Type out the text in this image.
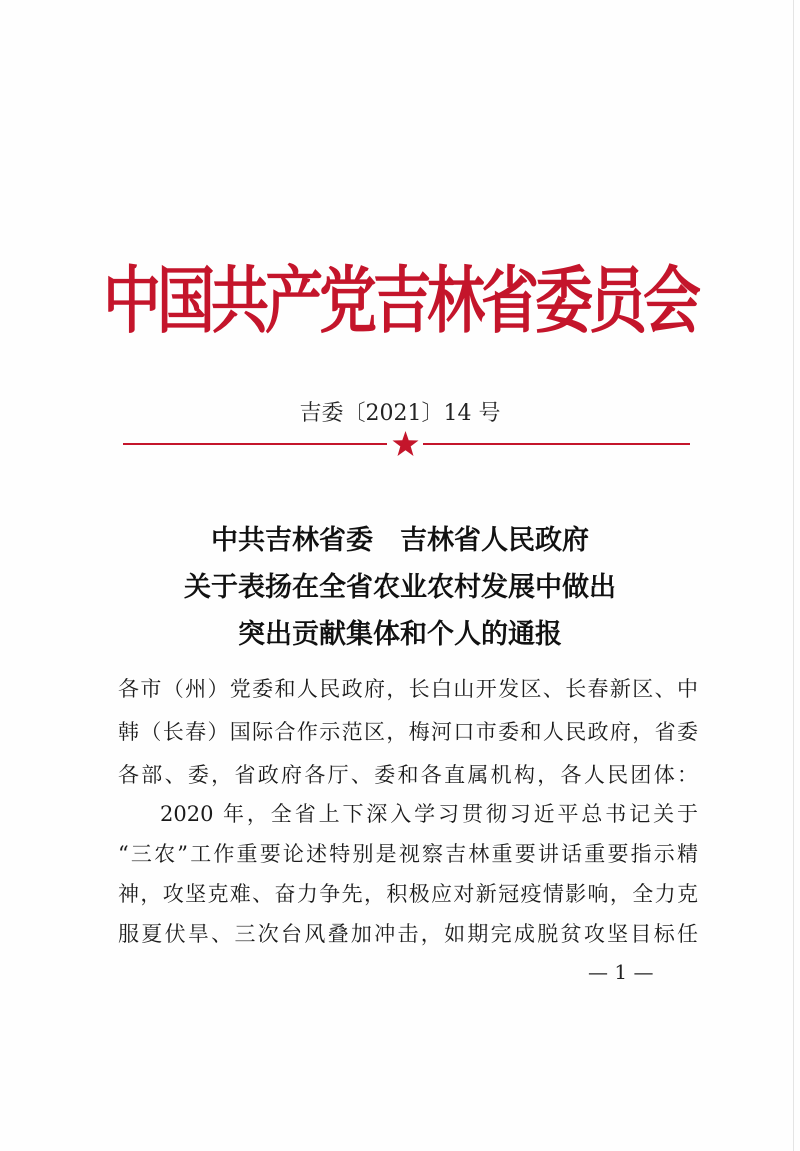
中国共产党吉林省委员会
吉委〔2021〕14 号
中共吉林省委　吉林省人民政府
关于表扬在全省农业农村发展中做出
突出贡献集体和个人的通报
各市（州）党委和人民政府，长白山开发区、长春新区、中
韩（长春）国际合作示范区，梅河口市委和人民政府，省委
各部、委，省政府各厅、委和各直属机构，各人民团体：
2020 年，全省上下深入学习贯彻习近平总书记关于
“三农”工作重要论述特别是视察吉林重要讲话重要指示精
神，攻坚克难、奋力争先，积极应对新冠疫情影响，全力克
服夏伏旱、三次台风叠加冲击，如期完成脱贫攻坚目标任
— 1 —
